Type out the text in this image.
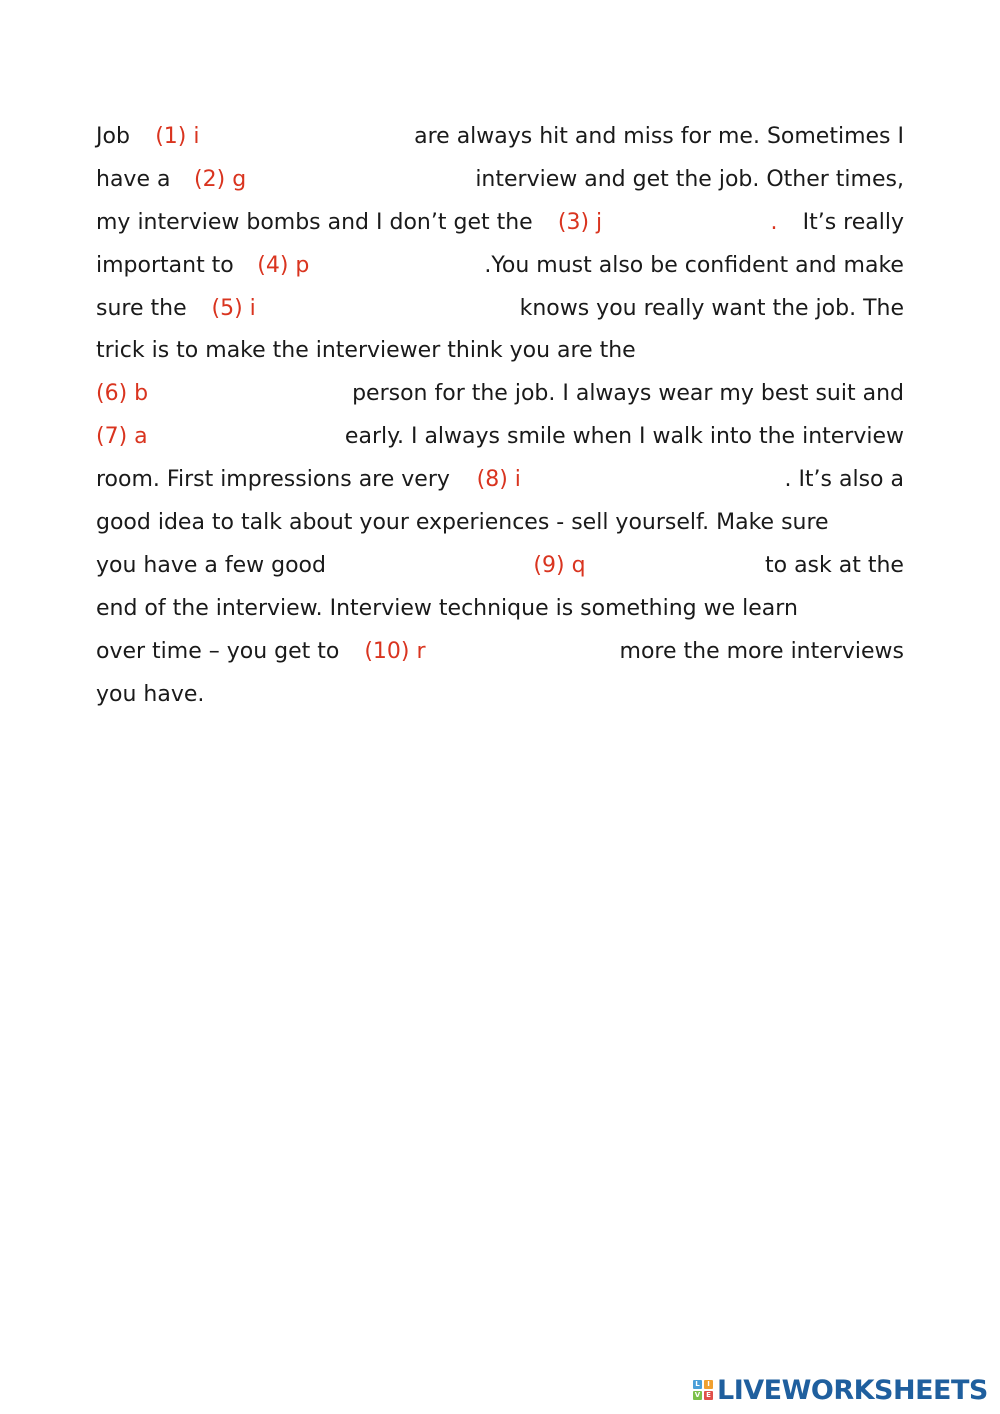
Job (1) i	are always hit and miss for me. Sometimes I
have a (2) g	interview and get the job. Other times,
my interview bombs and I don’t get the (3) j	. It’s really
important to (4) p	.You must also be confident and make
sure the (5) i	knows you really want the job. The
trick is to make the interviewer think you are the
(6) b	person for the job. I always wear my best suit and
(7) a	early. I always smile when I walk into the interview
room. First impressions are very (8) i	. It’s also a
good idea to talk about your experiences - sell yourself. Make sure
you have a few good	(9) q	to ask at the
end of the interview. Interview technique is something we learn
over time – you get to (10) r	more the more interviews
you have.
L	I
V E LIVEWORKSHEETS
